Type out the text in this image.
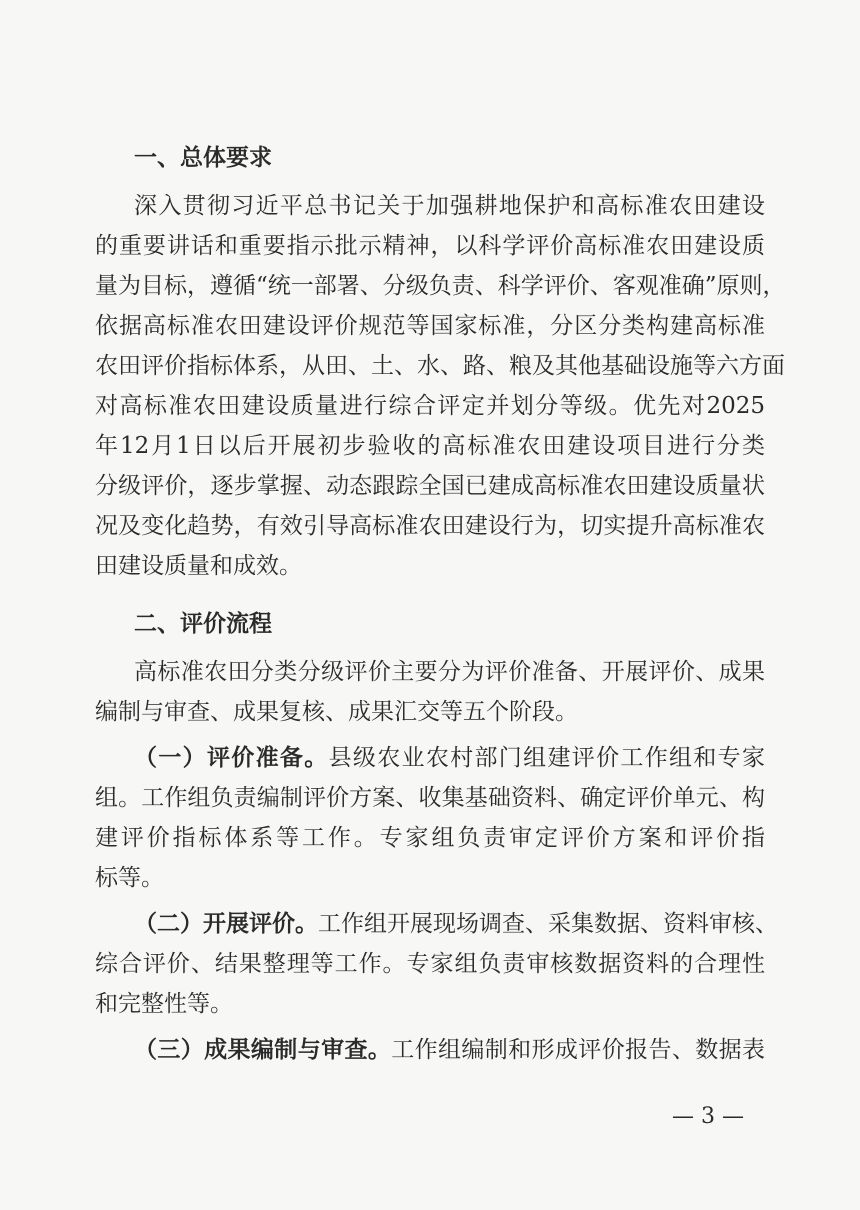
一、总体要求
深入贯彻习近平总书记关于加强耕地保护和高标准农田建设
的重要讲话和重要指示批示精神，以科学评价高标准农田建设质
量为目标，遵循“统一部署、分级负责、科学评价、客观准确”原则，
依据高标准农田建设评价规范等国家标准，分区分类构建高标准
农田评价指标体系，从田、土、水、路、粮及其他基础设施等六方面
对高标准农田建设质量进行综合评定并划分等级。优先对2025
年12月1日以后开展初步验收的高标准农田建设项目进行分类
分级评价，逐步掌握、动态跟踪全国已建成高标准农田建设质量状
况及变化趋势，有效引导高标准农田建设行为，切实提升高标准农
田建设质量和成效。
二、评价流程
高标准农田分类分级评价主要分为评价准备、开展评价、成果
编制与审查、成果复核、成果汇交等五个阶段。
（一）评价准备。县级农业农村部门组建评价工作组和专家
组。工作组负责编制评价方案、收集基础资料、确定评价单元、构
建评价指标体系等工作。专家组负责审定评价方案和评价指
标等。
（二）开展评价。工作组开展现场调查、采集数据、资料审核、
综合评价、结果整理等工作。专家组负责审核数据资料的合理性
和完整性等。
（三）成果编制与审查。工作组编制和形成评价报告、数据表
— 3 —
